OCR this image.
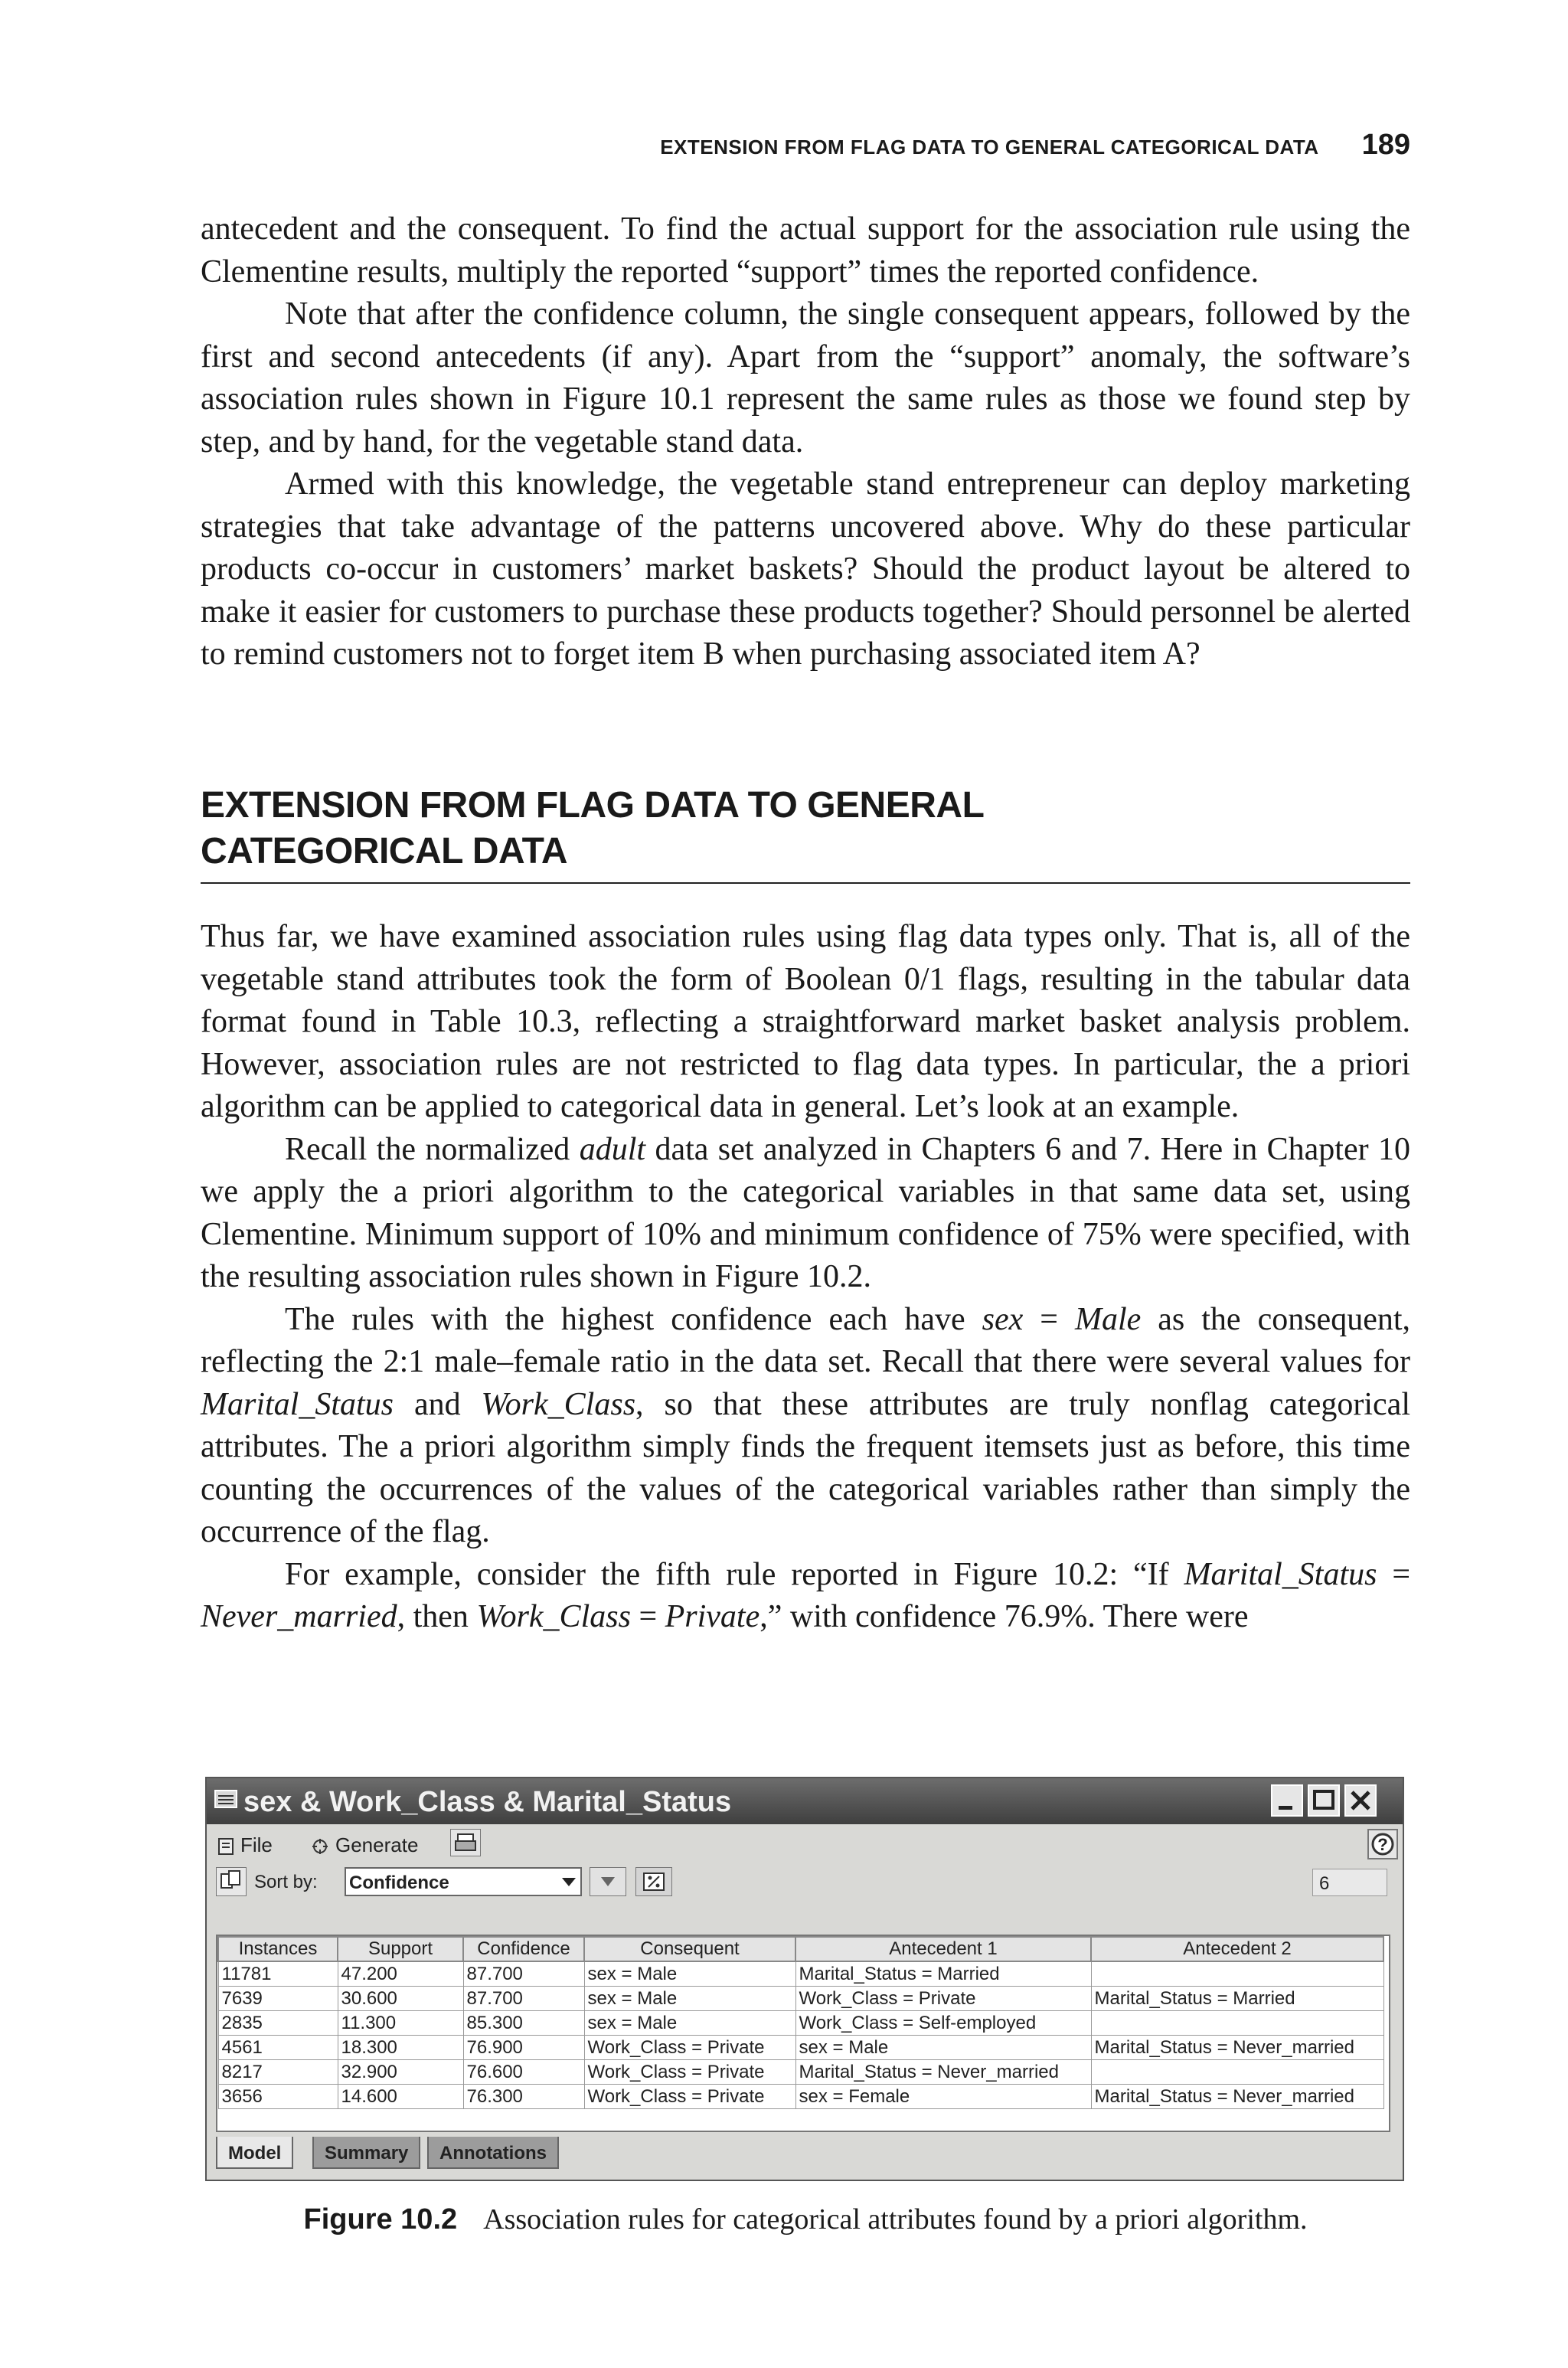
EXTENSION FROM FLAG DATA TO GENERAL CATEGORICAL DATA 189

antecedent and the consequent. To find the actual support for the association rule using the Clementine results, multiply the reported “support” times the reported confidence.

Note that after the confidence column, the single consequent appears, followed by the first and second antecedents (if any). Apart from the “support” anomaly, the software’s association rules shown in Figure 10.1 represent the same rules as those we found step by step, and by hand, for the vegetable stand data.

Armed with this knowledge, the vegetable stand entrepreneur can deploy marketing strategies that take advantage of the patterns uncovered above. Why do these particular products co-occur in customers’ market baskets? Should the product layout be altered to make it easier for customers to purchase these products together? Should personnel be alerted to remind customers not to forget item B when purchasing associated item A?

EXTENSION FROM FLAG DATA TO GENERAL
CATEGORICAL DATA

Thus far, we have examined association rules using flag data types only. That is, all of the vegetable stand attributes took the form of Boolean 0/1 flags, resulting in the tabular data format found in Table 10.3, reflecting a straightforward market basket analysis problem. However, association rules are not restricted to flag data types. In particular, the a priori algorithm can be applied to categorical data in general. Let’s look at an example.

Recall the normalized adult data set analyzed in Chapters 6 and 7. Here in Chapter 10 we apply the a priori algorithm to the categorical variables in that same data set, using Clementine. Minimum support of 10% and minimum confidence of 75% were specified, with the resulting association rules shown in Figure 10.2.

The rules with the highest confidence each have sex = Male as the consequent, reflecting the 2:1 male–female ratio in the data set. Recall that there were several values for Marital_Status and Work_Class, so that these attributes are truly nonflag categorical attributes. The a priori algorithm simply finds the frequent itemsets just as before, this time counting the occurrences of the values of the categorical variables rather than simply the occurrence of the flag.

For example, consider the fifth rule reported in Figure 10.2: “If Marital_Status = Never_married, then Work_Class = Private,” with confidence 76.9%. There were

sex & Work_Class & Marital_Status
File	Generate	?
Sort by: Confidence	6
Instances	Support	Confidence	Consequent	Antecedent 1	Antecedent 2
11781	47.200	87.700	sex = Male	Marital_Status = Married	
7639	30.600	87.700	sex = Male	Work_Class = Private	Marital_Status = Married
2835	11.300	85.300	sex = Male	Work_Class = Self-employed	
4561	18.300	76.900	Work_Class = Private	sex = Male	Marital_Status = Never_married
8217	32.900	76.600	Work_Class = Private	Marital_Status = Never_married	
3656	14.600	76.300	Work_Class = Private	sex = Female	Marital_Status = Never_married
Model	Summary	Annotations
Figure 10.2 Association rules for categorical attributes found by a priori algorithm.
